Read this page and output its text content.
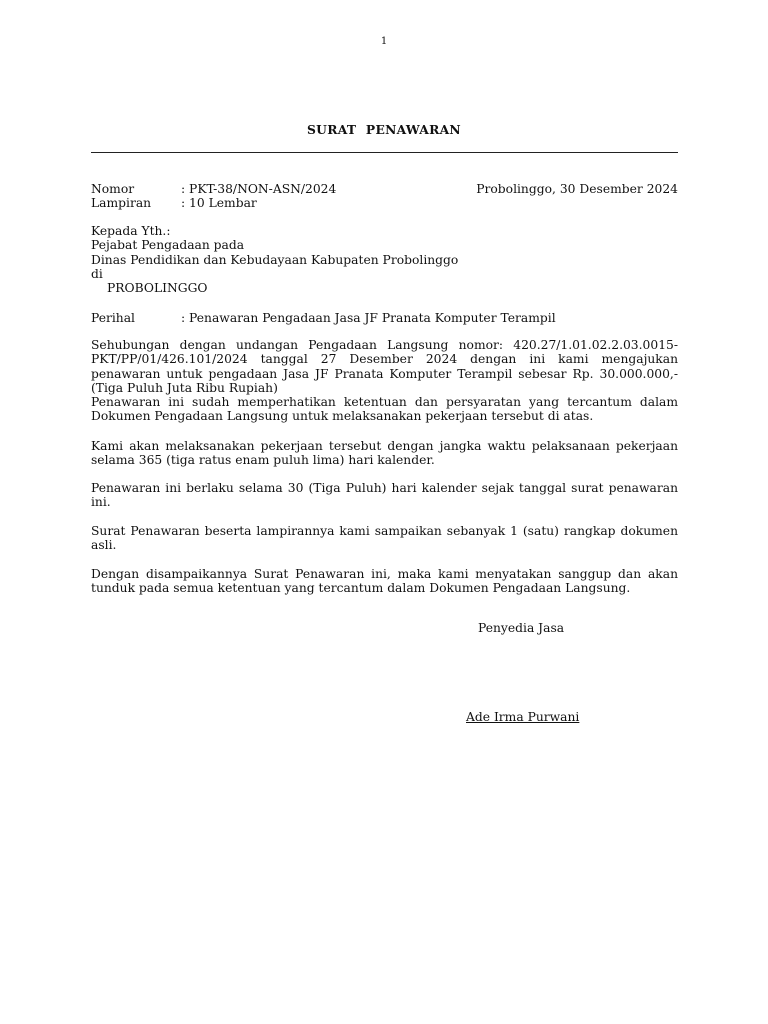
1
SURAT PENAWARAN
Nomor	: PKT-38/NON-ASN/2024	Probolinggo, 30 Desember 2024
Lampiran : 10 Lembar
Kepada Yth.:
Pejabat Pengadaan pada
Dinas Pendidikan dan Kebudayaan Kabupaten Probolinggo
di
PROBOLINGGO
Perihal	: Penawaran Pengadaan Jasa JF Pranata Komputer Terampil

Sehubungan dengan undangan Pengadaan Langsung nomor: 420.27/1.01.02.2.03.0015-PKT/PP/01/426.101/2024 tanggal 27 Desember 2024 dengan ini kami mengajukan penawaran untuk pengadaan Jasa JF Pranata Komputer Terampil sebesar Rp. 30.000.000,- (Tiga Puluh Juta Ribu Rupiah)

Penawaran ini sudah memperhatikan ketentuan dan persyaratan yang tercantum dalam Dokumen Pengadaan Langsung untuk melaksanakan pekerjaan tersebut di atas.

Kami akan melaksanakan pekerjaan tersebut dengan jangka waktu pelaksanaan pekerjaan selama 365 (tiga ratus enam puluh lima) hari kalender.

Penawaran ini berlaku selama 30 (Tiga Puluh) hari kalender sejak tanggal surat penawaran ini.

Surat Penawaran beserta lampirannya kami sampaikan sebanyak 1 (satu) rangkap dokumen asli.

Dengan disampaikannya Surat Penawaran ini, maka kami menyatakan sanggup dan akan tunduk pada semua ketentuan yang tercantum dalam Dokumen Pengadaan Langsung.

Penyedia Jasa
Ade Irma Purwani
